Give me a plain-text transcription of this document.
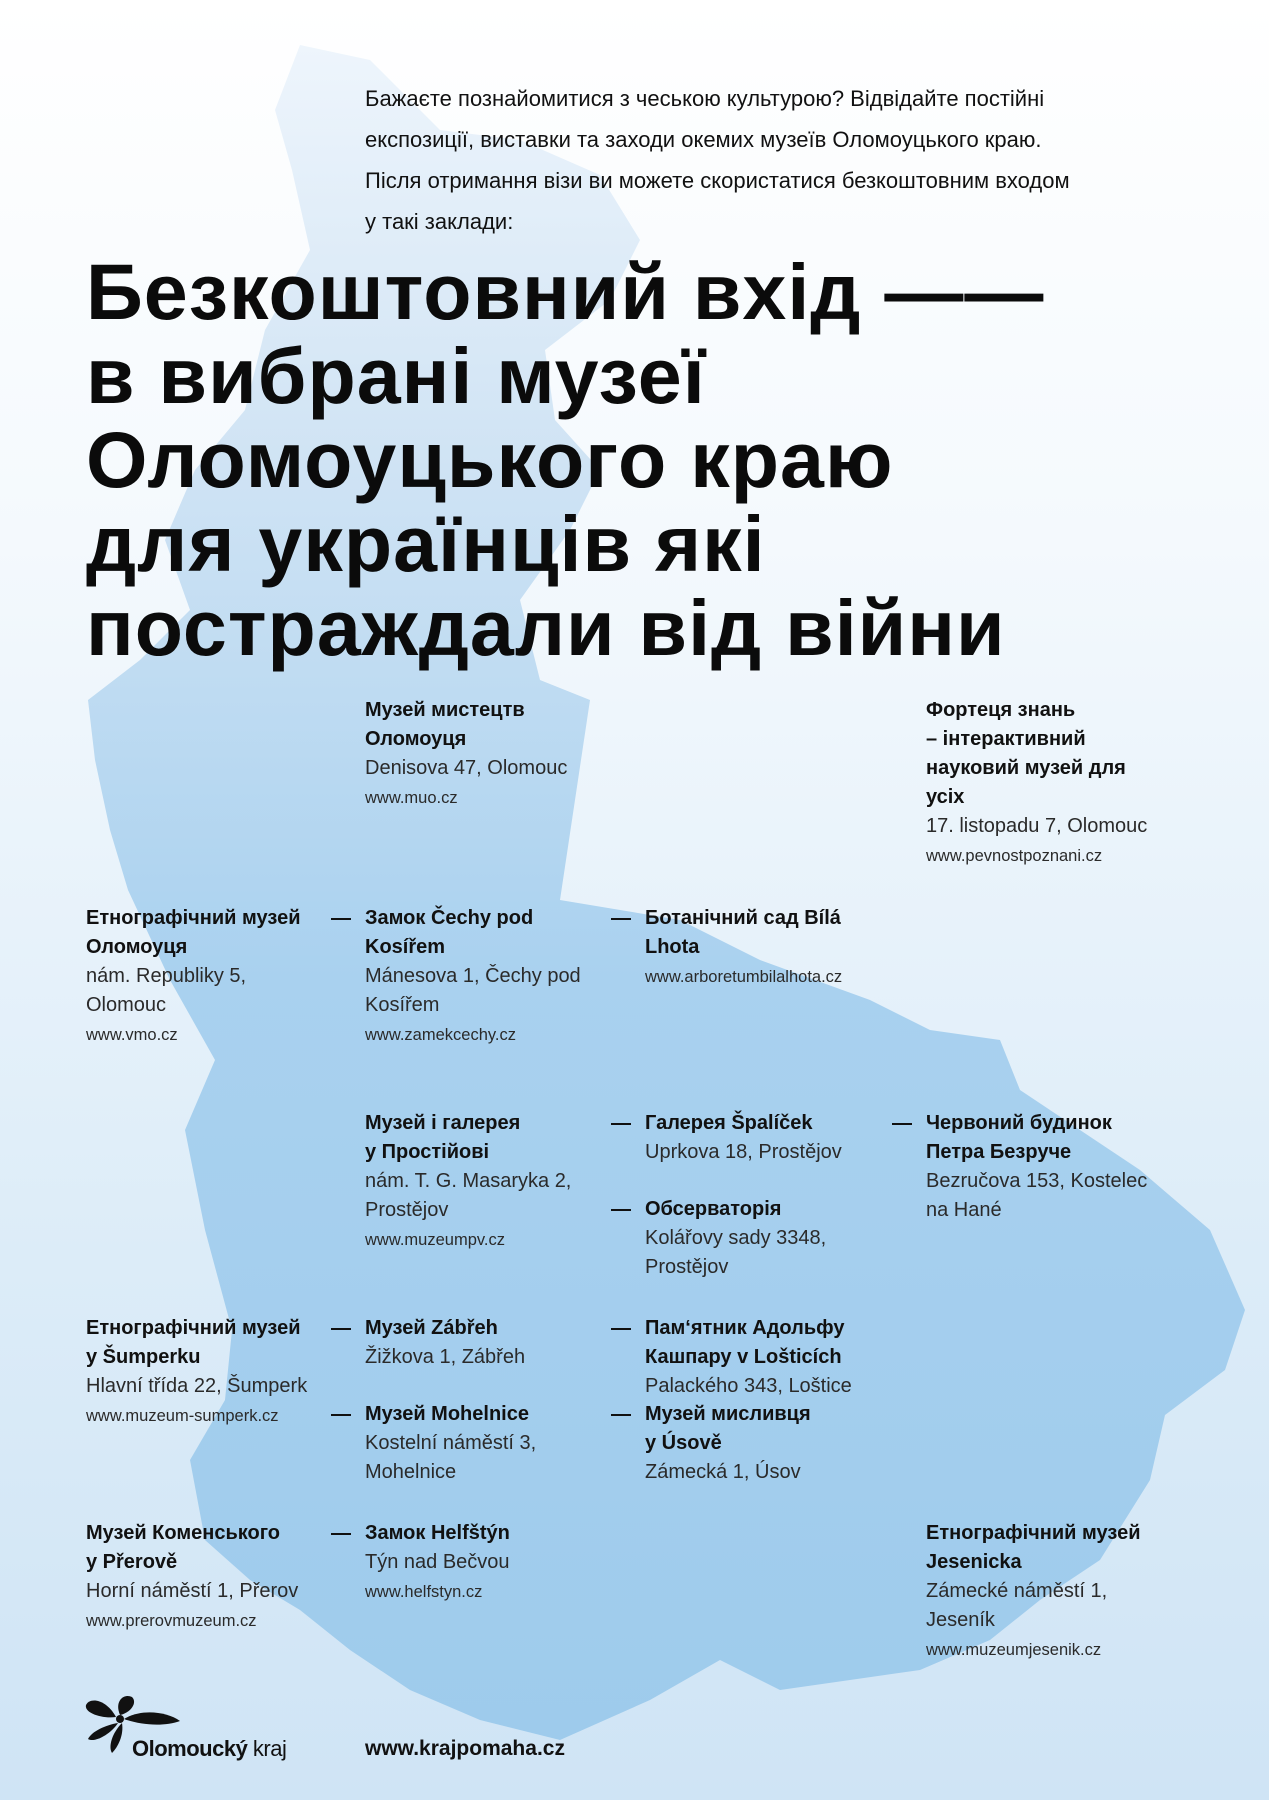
Бажаєте познайомитися з чеською культурою? Відвідайте постійні
експозиції, виставки та заходи окемих музеїв Оломоуцького краю.
Після отримання візи ви можете скористатися безкоштовним входом
у такі заклади:
Безкоштовний вхід ——
в вибрані музеї
Оломоуцького краю
для українців які
постраждали від війни
Музей мистецтв
Оломоуця
Denisova 47, Olomouc
www.muo.cz
Фортеця знань
– інтерактивний
науковий музей для
усіх
17. listopadu 7, Olomouc
www.pevnostpoznani.cz
Етнографічний музей
Оломоуця
nám. Republiky 5,
Olomouc
www.vmo.cz
Замок Čechy pod
Kosířem
Mánesova 1, Čechy pod
Kosířem
www.zamekcechy.cz
Ботанічний сад Bílá
Lhota
www.arboretumbilalhota.cz
Музей і галерея
у Простійові
nám. T. G. Masaryka 2,
Prostějov
www.muzeumpv.cz
Галерея Špalíček
Uprkova 18, Prostějov
Червоний будинок
Петра Безруче
Bezručova 153, Kostelec
na Hané
Обсерваторія
Kolářovy sady 3348,
Prostějov
Етнографічний музей
у Šumperku
Hlavní třída 22, Šumperk
www.muzeum-sumperk.cz
Музей Zábřeh
Žižkova 1, Zábřeh
Пам‘ятник Адольфу
Кашпару v Lošticích
Palackého 343, Loštice
Музей Mohelnice
Kostelní náměstí 3,
Mohelnice
Музей мисливця
у Úsově
Zámecká 1, Úsov
Музей Коменського
у Přerově
Horní náměstí 1, Přerov
www.prerovmuzeum.cz
Замок Helfštýn
Týn nad Bečvou
www.helfstyn.cz
Етнографічний музей
Jesenicka
Zámecké náměstí 1,
Jeseník
www.muzeumjesenik.cz
Olomoucký kraj	www.krajpomaha.cz
